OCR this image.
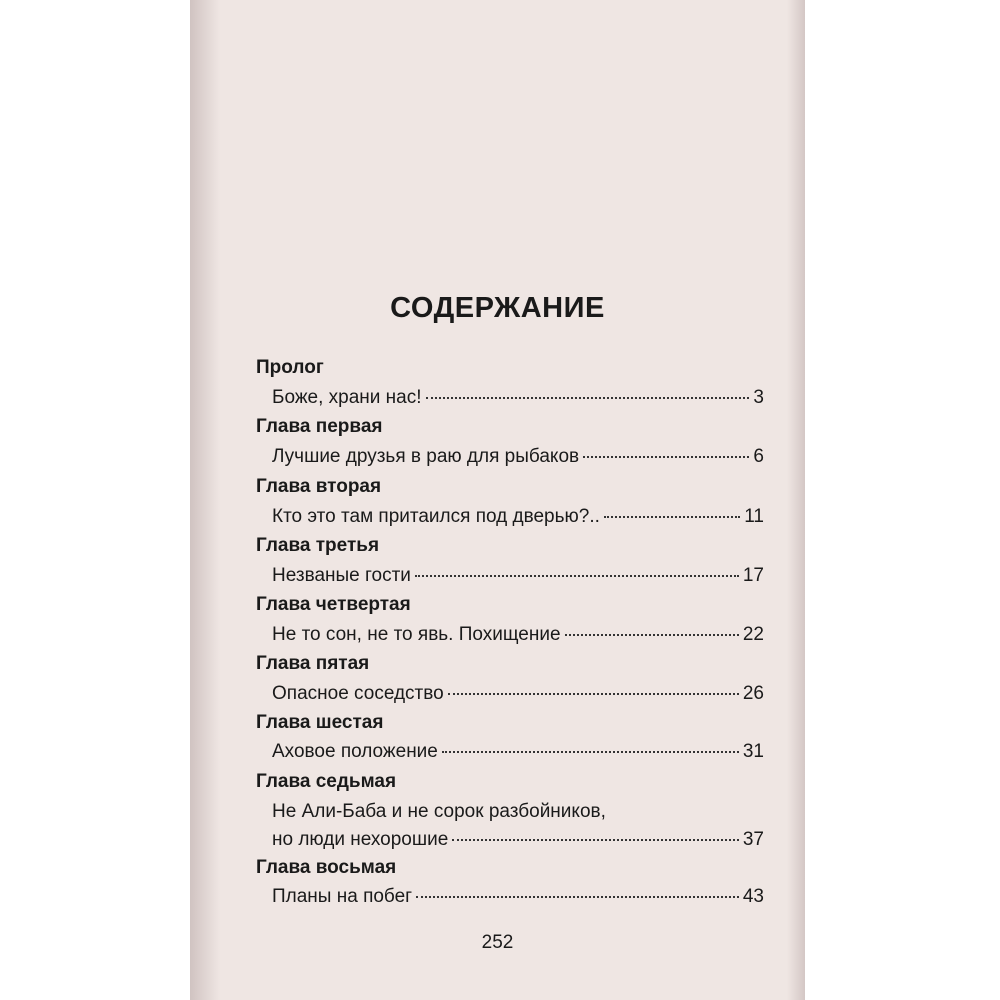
СОДЕРЖАНИЕ
Пролог
Боже, храни нас!	3
Глава первая
Лучшие друзья в раю для рыбаков	6
Глава вторая
Кто это там притаился под дверью?..	11
Глава третья
Незваные гости	17
Глава четвертая
Не то сон, не то явь. Похищение	22
Глава пятая
Опасное соседство	26
Глава шестая
Аховое положение	31
Глава седьмая
Не Али-Баба и не сорок разбойников,
но люди нехорошие	37
Глава восьмая
Планы на побег	43
252
